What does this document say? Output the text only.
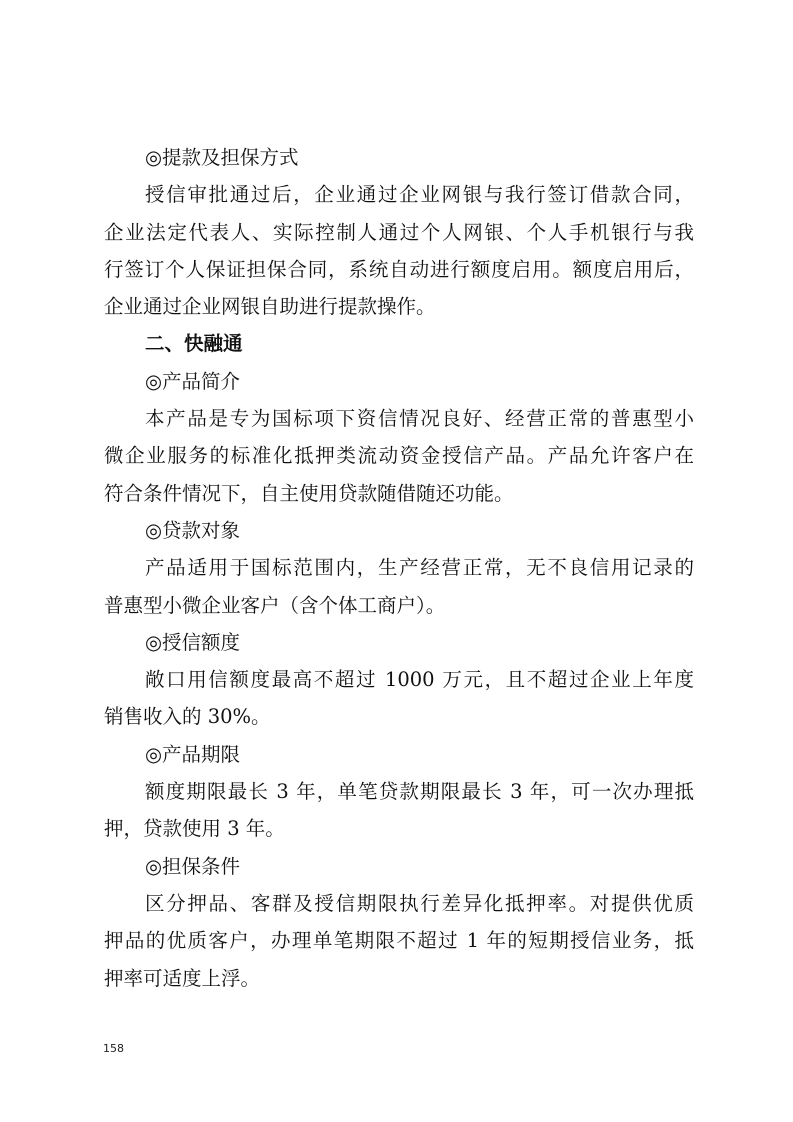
◎提款及担保方式
授信审批通过后，企业通过企业网银与我行签订借款合同，
企业法定代表人、实际控制人通过个人网银、个人手机银行与我
行签订个人保证担保合同，系统自动进行额度启用。额度启用后，
企业通过企业网银自助进行提款操作。
二、快融通
◎产品简介
本产品是专为国标项下资信情况良好、经营正常的普惠型小
微企业服务的标准化抵押类流动资金授信产品。产品允许客户在
符合条件情况下，自主使用贷款随借随还功能。
◎贷款对象
产品适用于国标范围内，生产经营正常，无不良信用记录的
普惠型小微企业客户（含个体工商户）。
◎授信额度
敞口用信额度最高不超过 1000 万元，且不超过企业上年度
销售收入的 30%。
◎产品期限
额度期限最长 3 年，单笔贷款期限最长 3 年，可一次办理抵
押，贷款使用 3 年。
◎担保条件
区分押品、客群及授信期限执行差异化抵押率。对提供优质
押品的优质客户，办理单笔期限不超过 1 年的短期授信业务，抵
押率可适度上浮。
158
